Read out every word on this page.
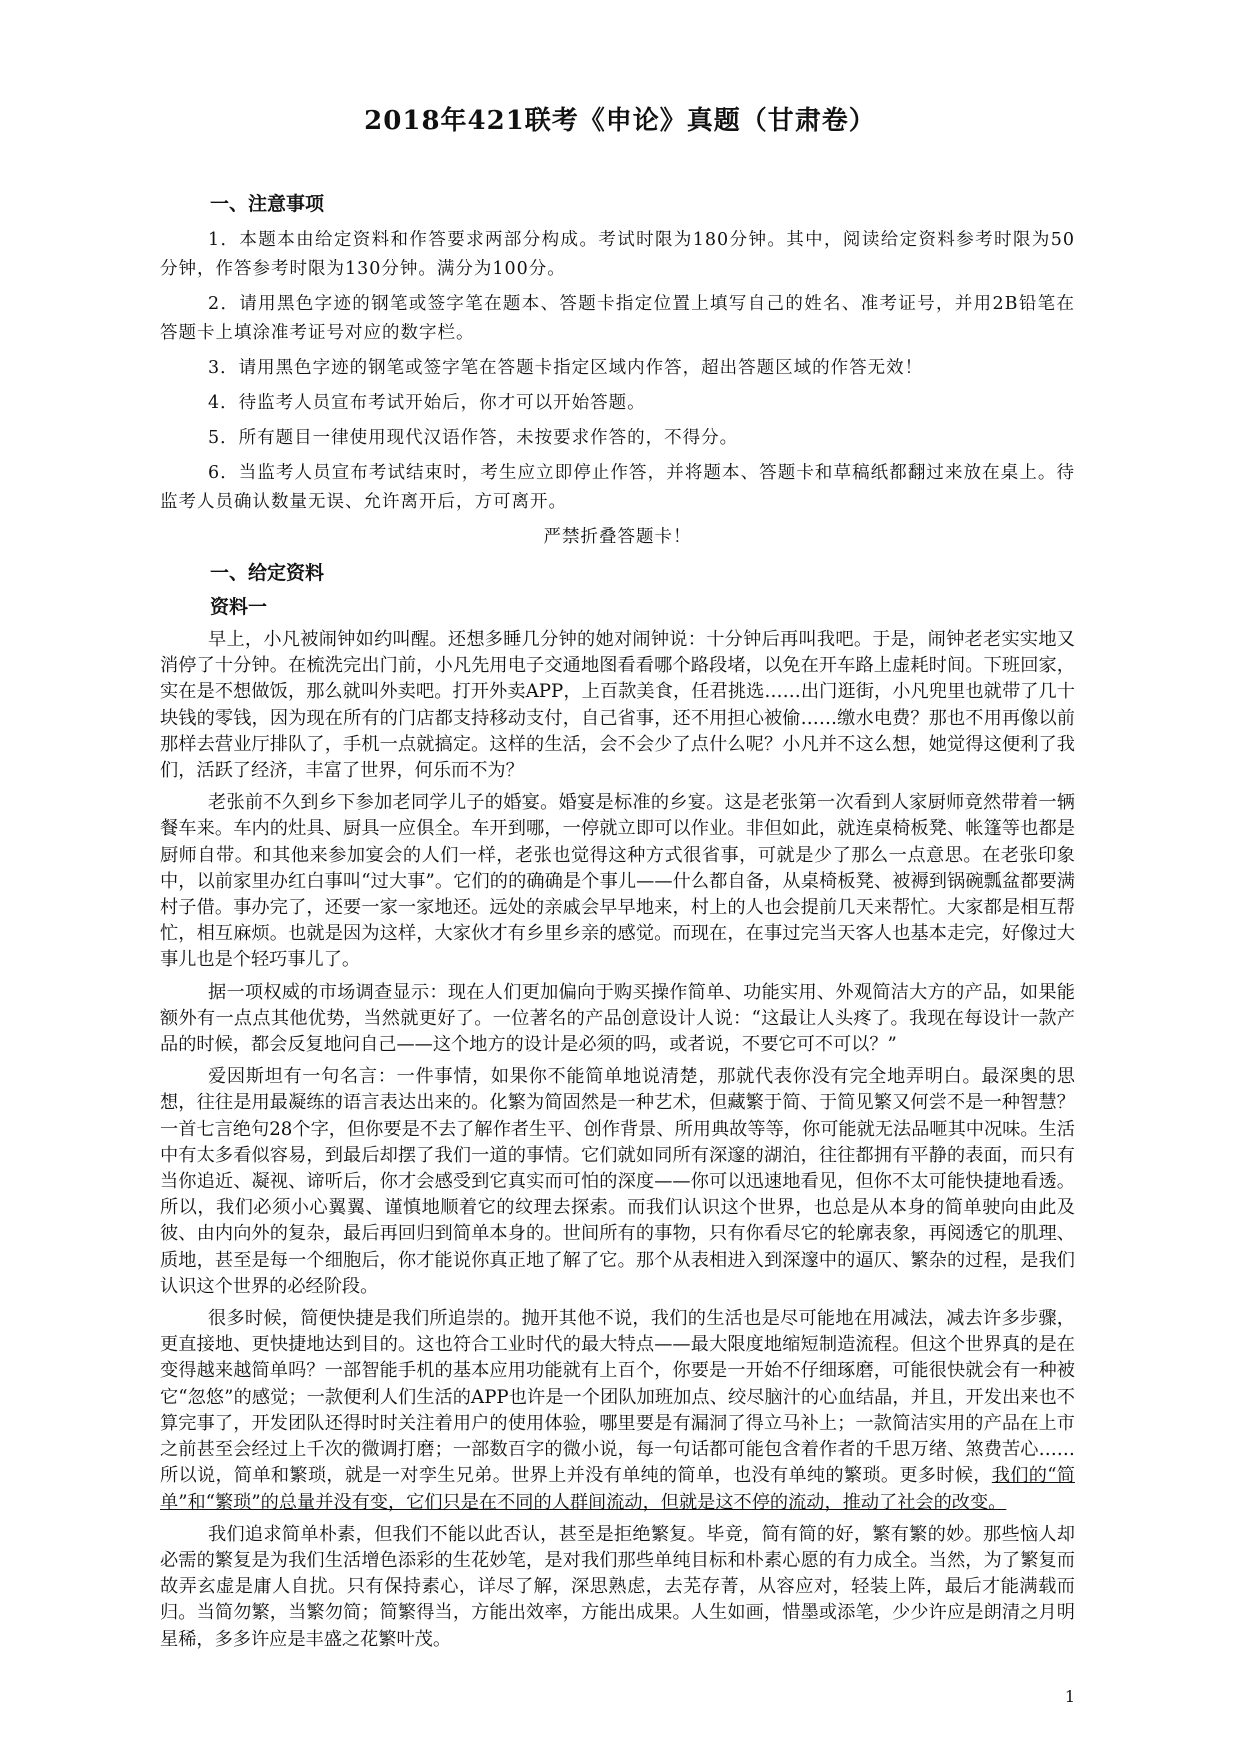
2018年421联考《申论》真题（甘肃卷）
一、注意事项

1．本题本由给定资料和作答要求两部分构成。考试时限为180分钟。其中，阅读给定资料参考时限为50分钟，作答参考时限为130分钟。满分为100分。

2．请用黑色字迹的钢笔或签字笔在题本、答题卡指定位置上填写自己的姓名、准考证号，并用2B铅笔在答题卡上填涂准考证号对应的数字栏。

3．请用黑色字迹的钢笔或签字笔在答题卡指定区域内作答，超出答题区域的作答无效！

4．待监考人员宣布考试开始后，你才可以开始答题。

5．所有题目一律使用现代汉语作答，未按要求作答的，不得分。

6．当监考人员宣布考试结束时，考生应立即停止作答，并将题本、答题卡和草稿纸都翻过来放在桌上。待监考人员确认数量无误、允许离开后，方可离开。

严禁折叠答题卡！
一、给定资料
资料一

早上，小凡被闹钟如约叫醒。还想多睡几分钟的她对闹钟说：十分钟后再叫我吧。于是，闹钟老老实实地又消停了十分钟。在梳洗完出门前，小凡先用电子交通地图看看哪个路段堵，以免在开车路上虚耗时间。下班回家，实在是不想做饭，那么就叫外卖吧。打开外卖APP，上百款美食，任君挑选……出门逛街，小凡兜里也就带了几十块钱的零钱，因为现在所有的门店都支持移动支付，自己省事，还不用担心被偷……缴水电费？那也不用再像以前那样去营业厅排队了，手机一点就搞定。这样的生活，会不会少了点什么呢？小凡并不这么想，她觉得这便利了我们，活跃了经济，丰富了世界，何乐而不为？

老张前不久到乡下参加老同学儿子的婚宴。婚宴是标准的乡宴。这是老张第一次看到人家厨师竟然带着一辆餐车来。车内的灶具、厨具一应俱全。车开到哪，一停就立即可以作业。非但如此，就连桌椅板凳、帐篷等也都是厨师自带。和其他来参加宴会的人们一样，老张也觉得这种方式很省事，可就是少了那么一点意思。在老张印象中，以前家里办红白事叫“过大事”。它们的的确确是个事儿——什么都自备，从桌椅板凳、被褥到锅碗瓢盆都要满村子借。事办完了，还要一家一家地还。远处的亲戚会早早地来，村上的人也会提前几天来帮忙。大家都是相互帮忙，相互麻烦。也就是因为这样，大家伙才有乡里乡亲的感觉。而现在，在事过完当天客人也基本走完，好像过大事儿也是个轻巧事儿了。

据一项权威的市场调查显示：现在人们更加偏向于购买操作简单、功能实用、外观简洁大方的产品，如果能额外有一点点其他优势，当然就更好了。一位著名的产品创意设计人说：“这最让人头疼了。我现在每设计一款产品的时候，都会反复地问自己——这个地方的设计是必须的吗，或者说，不要它可不可以？”

爱因斯坦有一句名言：一件事情，如果你不能简单地说清楚，那就代表你没有完全地弄明白。最深奥的思想，往往是用最凝练的语言表达出来的。化繁为简固然是一种艺术，但藏繁于简、于简见繁又何尝不是一种智慧？一首七言绝句28个字，但你要是不去了解作者生平、创作背景、所用典故等等，你可能就无法品咂其中况味。生活中有太多看似容易，到最后却摆了我们一道的事情。它们就如同所有深邃的湖泊，往往都拥有平静的表面，而只有当你追近、凝视、谛听后，你才会感受到它真实而可怕的深度——你可以迅速地看见，但你不太可能快捷地看透。所以，我们必须小心翼翼、谨慎地顺着它的纹理去探索。而我们认识这个世界，也总是从本身的简单驶向由此及彼、由内向外的复杂，最后再回归到简单本身的。世间所有的事物，只有你看尽它的轮廓表象，再阅透它的肌理、质地，甚至是每一个细胞后，你才能说你真正地了解了它。那个从表相进入到深邃中的逼仄、繁杂的过程，是我们认识这个世界的必经阶段。

很多时候，简便快捷是我们所追崇的。抛开其他不说，我们的生活也是尽可能地在用减法，减去许多步骤，更直接地、更快捷地达到目的。这也符合工业时代的最大特点——最大限度地缩短制造流程。但这个世界真的是在变得越来越简单吗？一部智能手机的基本应用功能就有上百个，你要是一开始不仔细琢磨，可能很快就会有一种被它“忽悠”的感觉；一款便利人们生活的APP也许是一个团队加班加点、绞尽脑汁的心血结晶，并且，开发出来也不算完事了，开发团队还得时时关注着用户的使用体验，哪里要是有漏洞了得立马补上；一款简洁实用的产品在上市之前甚至会经过上千次的微调打磨；一部数百字的微小说，每一句话都可能包含着作者的千思万绪、煞费苦心……所以说，简单和繁琐，就是一对孪生兄弟。世界上并没有单纯的简单，也没有单纯的繁琐。更多时候，我们的“简单”和“繁琐”的总量并没有变，它们只是在不同的人群间流动，但就是这不停的流动，推动了社会的改变。

我们追求简单朴素，但我们不能以此否认，甚至是拒绝繁复。毕竟，简有简的好，繁有繁的妙。那些恼人却必需的繁复是为我们生活增色添彩的生花妙笔，是对我们那些单纯目标和朴素心愿的有力成全。当然，为了繁复而故弄玄虚是庸人自扰。只有保持素心，详尽了解，深思熟虑，去芜存菁，从容应对，轻装上阵，最后才能满载而归。当简勿繁，当繁勿简；简繁得当，方能出效率，方能出成果。人生如画，惜墨或添笔，少少许应是朗清之月明星稀，多多许应是丰盛之花繁叶茂。

1
